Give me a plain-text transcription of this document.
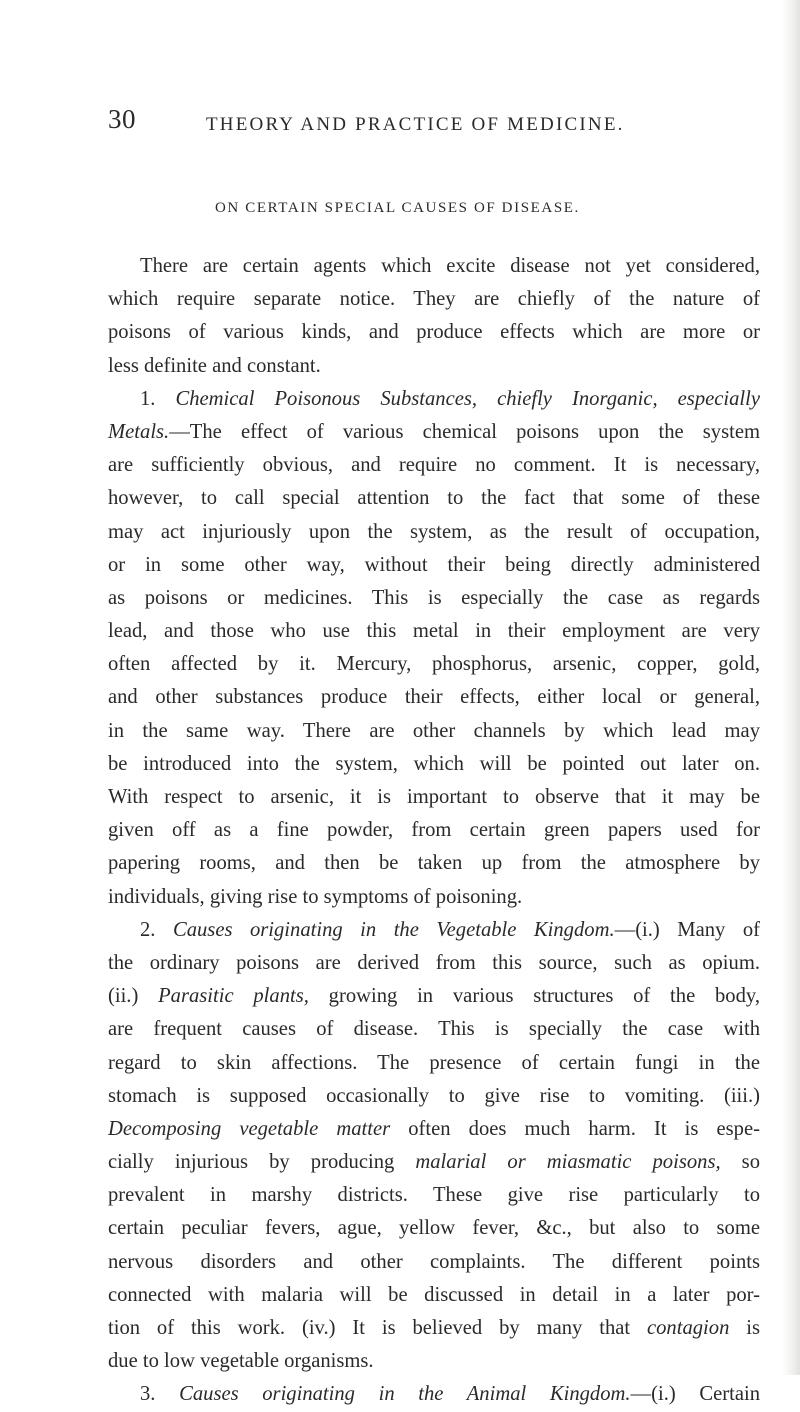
30	THEORY AND PRACTICE OF MEDICINE.
ON CERTAIN SPECIAL CAUSES OF DISEASE.
There are certain agents which excite disease not yet considered,
which require separate notice. They are chiefly of the nature of
poisons of various kinds, and produce effects which are more or
less definite and constant.
1. Chemical Poisonous Substances, chiefly Inorganic, especially
Metals.—The effect of various chemical poisons upon the system
are sufficiently obvious, and require no comment. It is necessary,
however, to call special attention to the fact that some of these
may act injuriously upon the system, as the result of occupation,
or in some other way, without their being directly administered
as poisons or medicines. This is especially the case as regards
lead, and those who use this metal in their employment are very
often affected by it. Mercury, phosphorus, arsenic, copper, gold,
and other substances produce their effects, either local or general,
in the same way. There are other channels by which lead may
be introduced into the system, which will be pointed out later on.
With respect to arsenic, it is important to observe that it may be
given off as a fine powder, from certain green papers used for
papering rooms, and then be taken up from the atmosphere by
individuals, giving rise to symptoms of poisoning.
2. Causes originating in the Vegetable Kingdom.—(i.) Many of
the ordinary poisons are derived from this source, such as opium.
(ii.) Parasitic plants, growing in various structures of the body,
are frequent causes of disease. This is specially the case with
regard to skin affections. The presence of certain fungi in the
stomach is supposed occasionally to give rise to vomiting. (iii.)
Decomposing vegetable matter often does much harm. It is espe-
cially injurious by producing malarial or miasmatic poisons, so
prevalent in marshy districts. These give rise particularly to
certain peculiar fevers, ague, yellow fever, &c., but also to some
nervous disorders and other complaints. The different points
connected with malaria will be discussed in detail in a later por-
tion of this work. (iv.) It is believed by many that contagion is
due to low vegetable organisms.
3. Causes originating in the Animal Kingdom.—(i.) Certain
